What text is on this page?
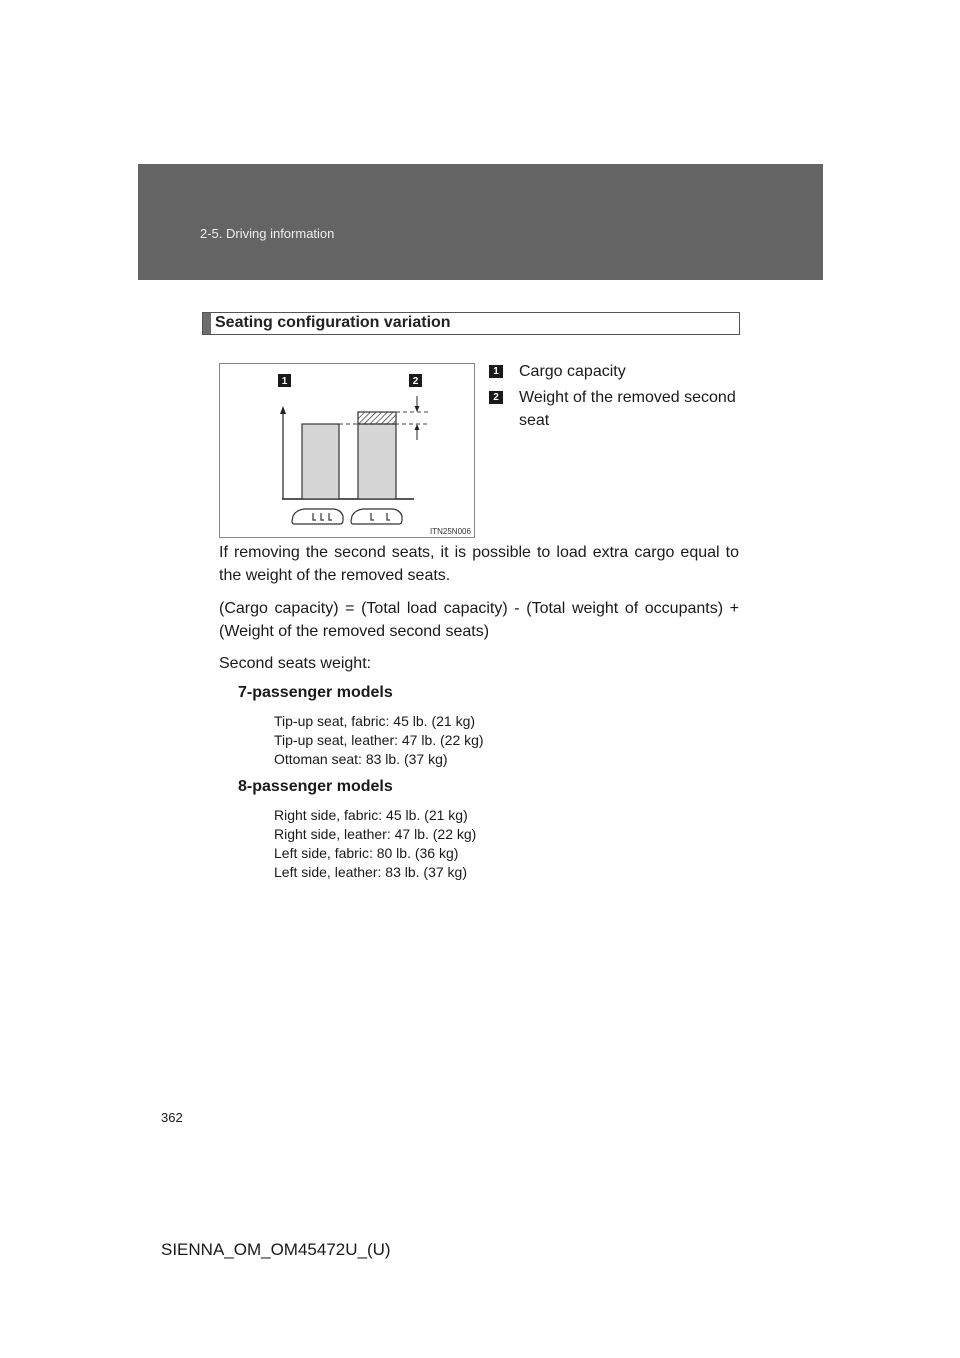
2-5. Driving information
Seating configuration variation
1	2
ITN25N006
1 Cargo capacity
2 Weight of the removed second seat
If removing the second seats, it is possible to load extra cargo equal to the weight of the removed seats.
(Cargo capacity) = (Total load capacity) - (Total weight of occupants) + (Weight of the removed second seats)
Second seats weight:
7-passenger models
Tip-up seat, fabric: 45 lb. (21 kg)
Tip-up seat, leather: 47 lb. (22 kg)
Ottoman seat: 83 lb. (37 kg)
8-passenger models
Right side, fabric: 45 lb. (21 kg)
Right side, leather: 47 lb. (22 kg)
Left side, fabric: 80 lb. (36 kg)
Left side, leather: 83 lb. (37 kg)
362
SIENNA_OM_OM45472U_(U)
